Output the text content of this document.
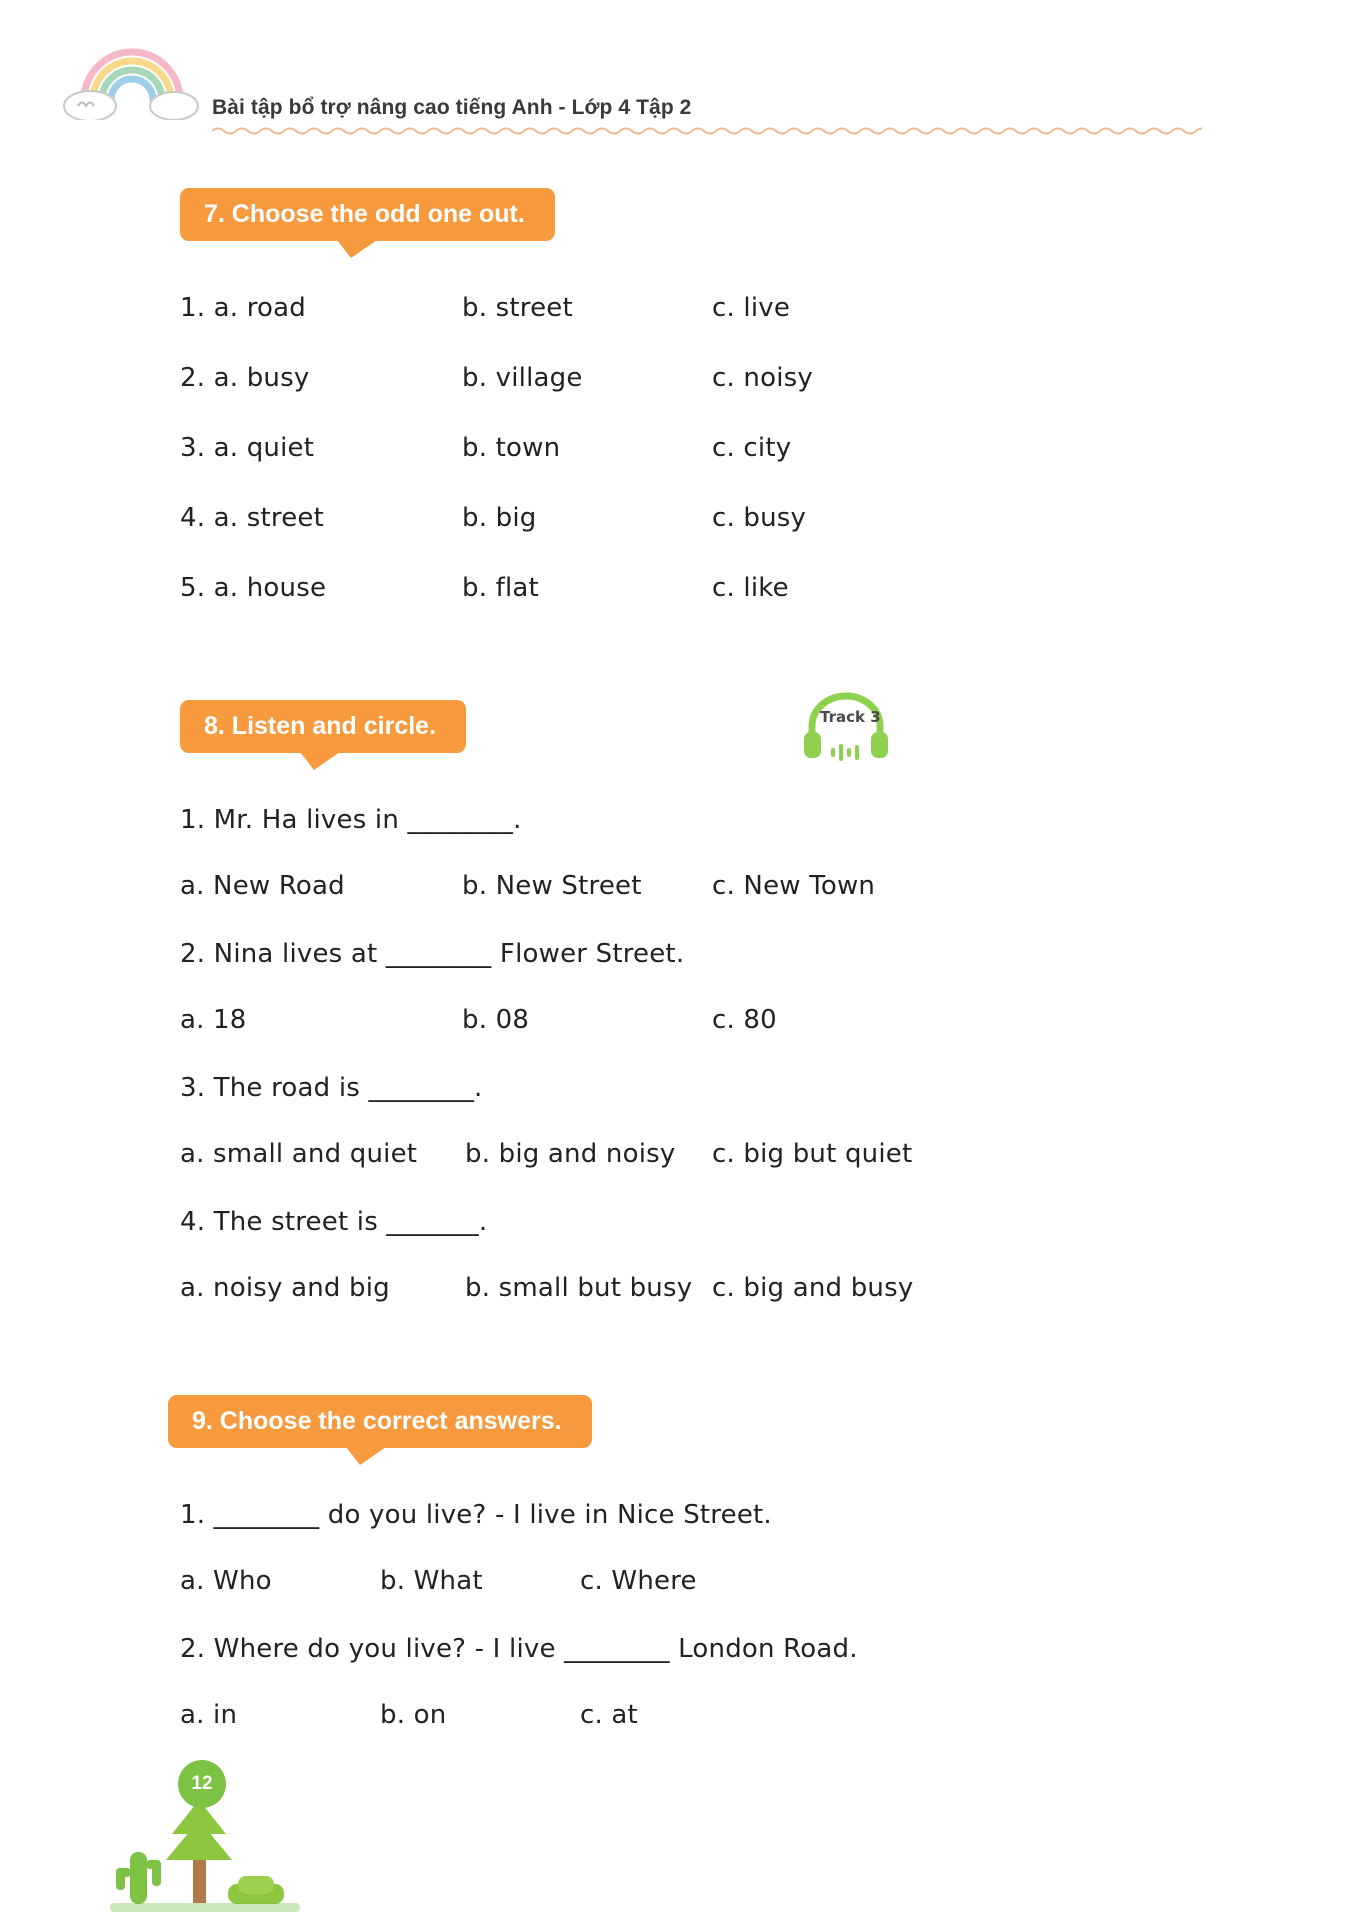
Bài tập bổ trợ nâng cao tiếng Anh - Lớp 4 Tập 2
7. Choose the odd one out.
1. a. road	b. street	c. live
2. a. busy	b. village	c. noisy
3. a. quiet	b. town	c. city
4. a. street	b. big	c. busy
5. a. house	b. flat	c. like
8. Listen and circle.	Track 3
1. Mr. Ha lives in ________.
a. New Road	b. New Street	c. New Town
2. Nina lives at ________ Flower Street.
a. 18	b. 08	c. 80
3. The road is ________.
a. small and quiet	b. big and noisy	c. big but quiet
4. The street is _______.
a. noisy and big	b. small but busy c. big and busy
9. Choose the correct answers.
1. ________ do you live? - I live in Nice Street.
a. Who	b. What	c. Where
2. Where do you live? - I live ________ London Road.
a. in	b. on	c. at
12
